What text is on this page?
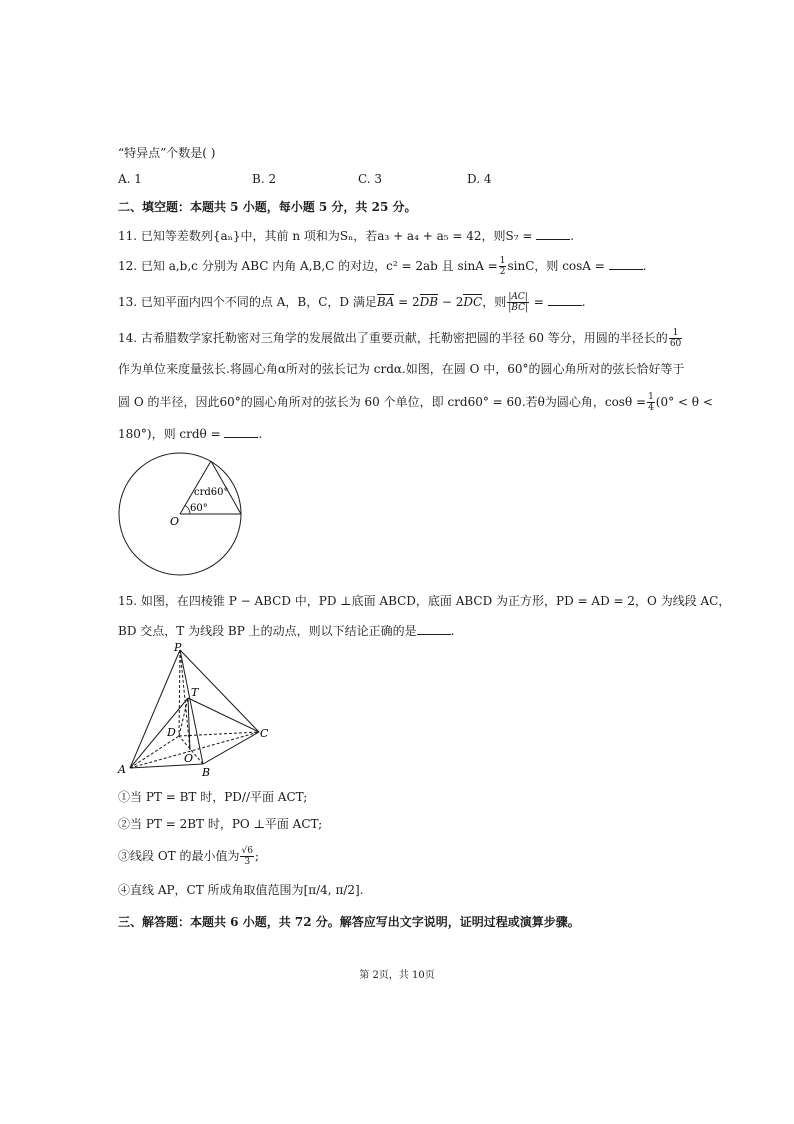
“特异点”个数是( )
A. 1	B. 2	C. 3	D. 4
二、填空题：本题共 5 小题，每小题 5 分，共 25 分。
11. 已知等差数列{aₙ}中，其前 n 项和为Sₙ，若a₃ + a₄ + a₅ = 42，则S₇ =	.
12. 已知 a,b,c 分别为 ABC 内角 A,B,C 的对边，c² = 2ab 且 $\sin A = \frac{1}{2}$ sinC，则 cosA =	.
13. 已知平面内四个不同的点 A，B，C，D 满足BA = 2DB − 2DC，则 $\frac{|AC|}{|BC|}$ =	.
14. 古希腊数学家托勒密对三角学的发展做出了重要贡献，托勒密把圆的半径 60 等分，用圆的半径长的 $\frac{1}{60}$
作为单位来度量弦长.将圆心角α所对的弦长记为 crdα.如图，在圆 O 中，60°的圆心角所对的弦长恰好等于
圆 O 的半径，因此60°的圆心角所对的弦长为 60 个单位，即 crd60° = 60.若θ为圆心角，$\cos\theta = \frac{1}{4} (0^\circ < \theta$ <
180°)，则 crdθ =	.
crd60°
60°
O
15. 如图，在四棱锥 P − ABCD 中，PD ⊥底面 ABCD，底面 ABCD 为正方形，PD = AD = 2，O 为线段 AC，
BD 交点，T 为线段 BP 上的动点，则以下结论正确的是	.
P
T
D	C
O
A	B
①当 PT = BT 时，PD//平面 ACT;
②当 PT = 2BT 时，PO ⊥平面 ACT;
③线段 OT 的最小值为 $\frac{√6}{3}$ ;
④直线 AP，CT 所成角取值范围为[π/4, π/2].
三、解答题：本题共 6 小题，共 72 分。解答应写出文字说明，证明过程或演算步骤。
第 2页，共 10页
